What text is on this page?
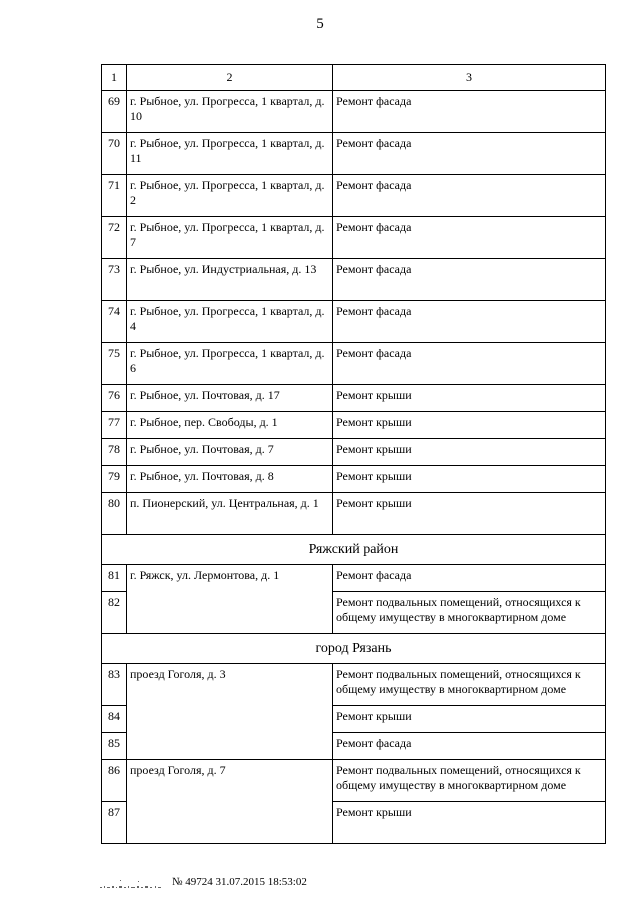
5
1	2	3
69	г. Рыбное, ул. Прогресса, 1 квартал, д. 10	Ремонт фасада
70	г. Рыбное, ул. Прогресса, 1 квартал, д. 11	Ремонт фасада
71	г. Рыбное, ул. Прогресса, 1 квартал, д. 2	Ремонт фасада
72	г. Рыбное, ул. Прогресса, 1 квартал, д. 7	Ремонт фасада
73	г. Рыбное, ул. Индустриальная, д. 13	Ремонт фасада
74	г. Рыбное, ул. Прогресса, 1 квартал, д. 4	Ремонт фасада
75	г. Рыбное, ул. Прогресса, 1 квартал, д. 6	Ремонт фасада
76	г. Рыбное, ул. Почтовая, д. 17	Ремонт крыши
77	г. Рыбное, пер. Свободы, д. 1	Ремонт крыши
78	г. Рыбное, ул. Почтовая, д. 7	Ремонт крыши
79	г. Рыбное, ул. Почтовая, д. 8	Ремонт крыши
80	п. Пионерский, ул. Центральная, д. 1	Ремонт крыши
Ряжский район		
81	г. Ряжск, ул. Лермонтова, д. 1	Ремонт фасада
82		Ремонт подвальных помещений, относящихся к общему имуществу в многоквартирном доме
город Рязань		
83	проезд Гоголя, д. 3	Ремонт подвальных помещений, относящихся к общему имуществу в многоквартирном доме
84		Ремонт крыши
85		Ремонт фасада
86	проезд Гоголя, д. 7	Ремонт подвальных помещений, относящихся к общему имуществу в многоквартирном доме
87		Ремонт крыши
№ 49724 31.07.2015 18:53:02
